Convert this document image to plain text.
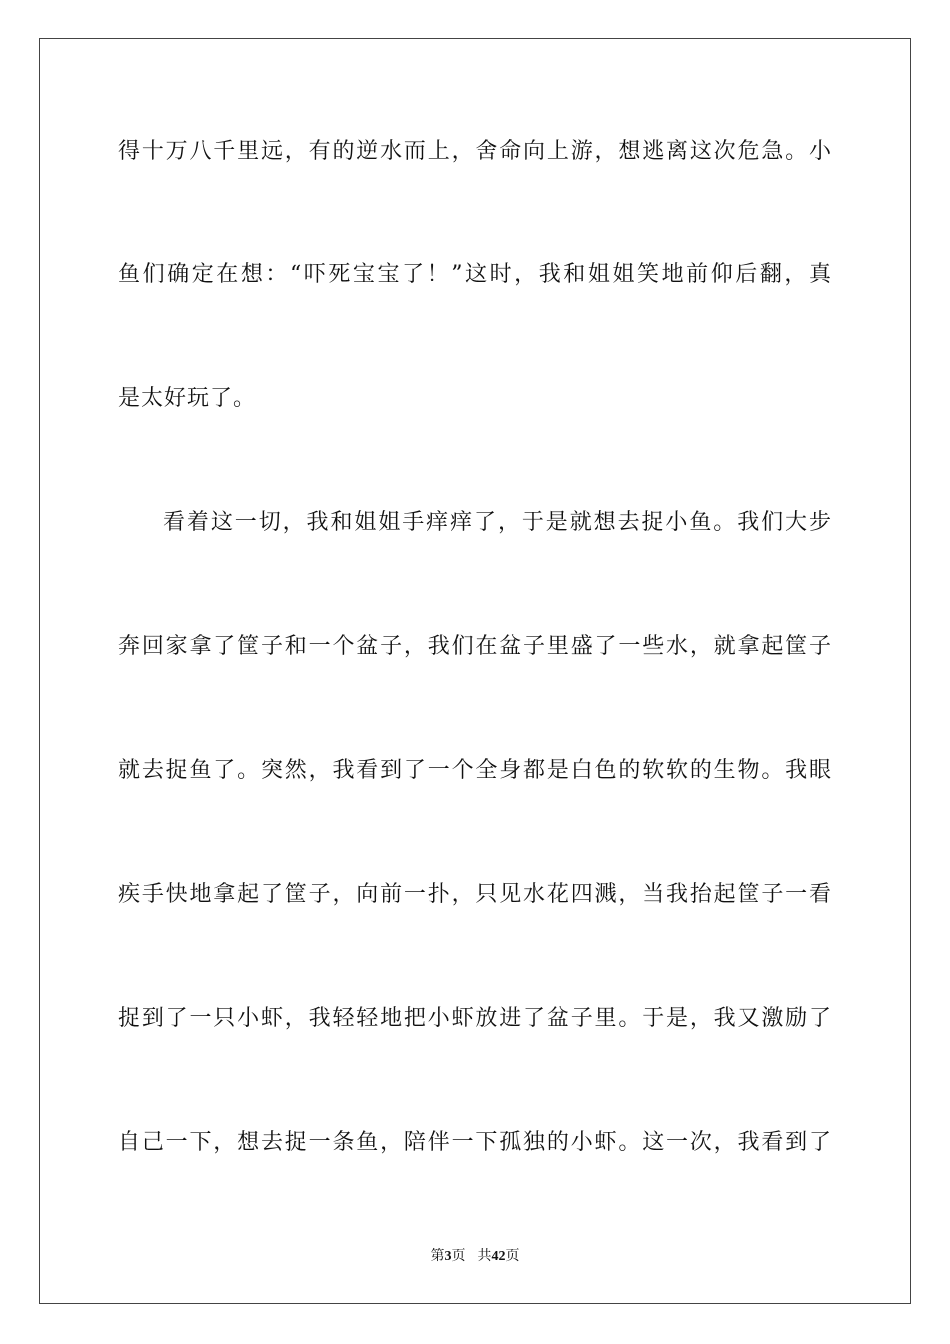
得十万八千里远，有的逆水而上，舍命向上游，想逃离这次危急。小
鱼们确定在想：“吓死宝宝了！”这时，我和姐姐笑地前仰后翻，真
是太好玩了。
看着这一切，我和姐姐手痒痒了，于是就想去捉小鱼。我们大步
奔回家拿了筐子和一个盆子，我们在盆子里盛了一些水，就拿起筐子
就去捉鱼了。突然，我看到了一个全身都是白色的软软的生物。我眼
疾手快地拿起了筐子，向前一扑，只见水花四溅，当我抬起筐子一看
捉到了一只小虾，我轻轻地把小虾放进了盆子里。于是，我又激励了
自己一下，想去捉一条鱼，陪伴一下孤独的小虾。这一次，我看到了
第3页 共42页
